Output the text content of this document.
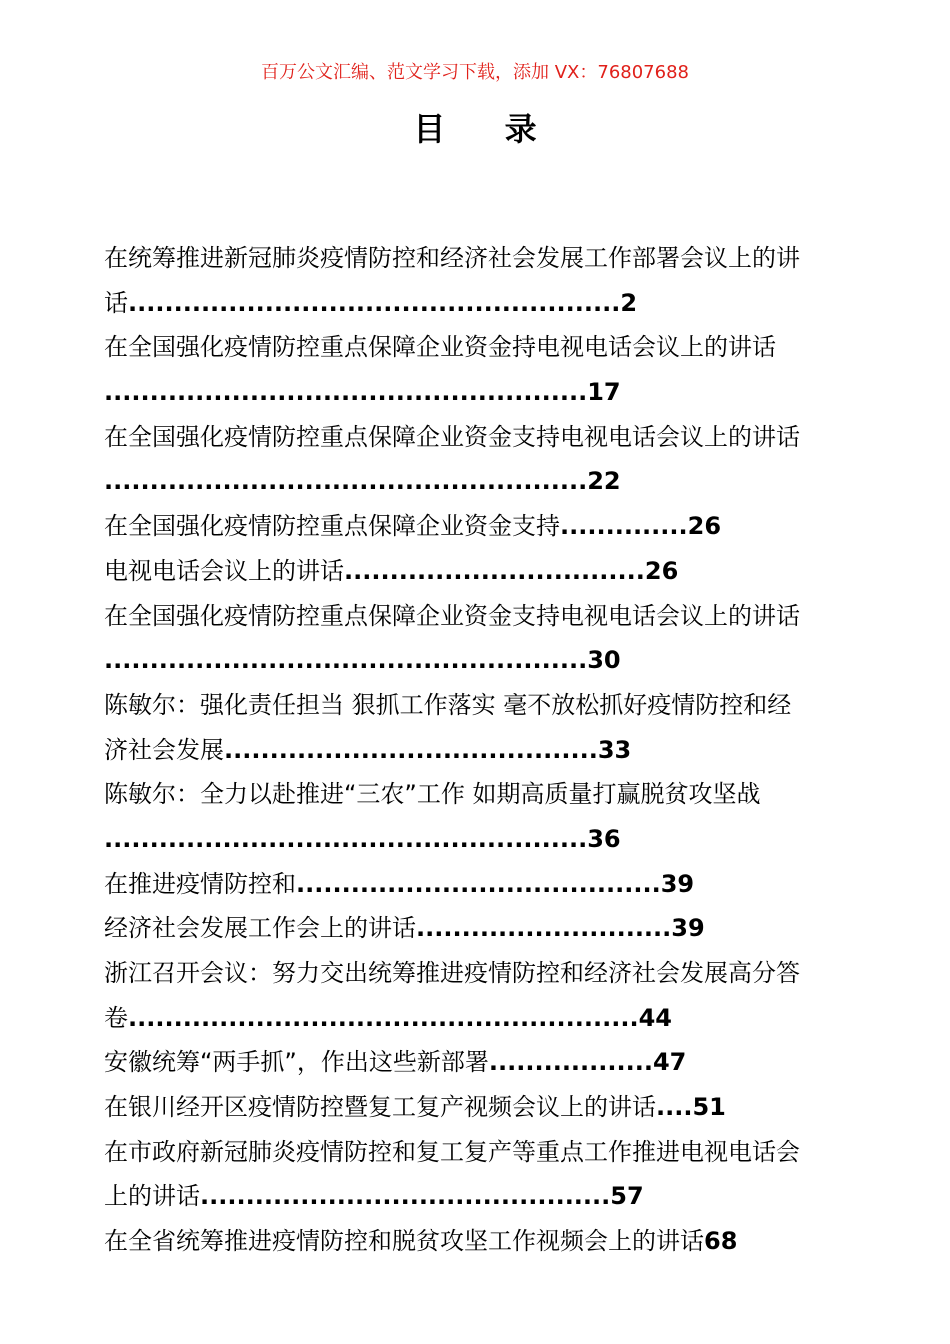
百万公文汇编、范文学习下载，添加 VX：76807688
目 录
在统筹推进新冠肺炎疫情防控和经济社会发展工作部署会议上的讲
话......................................................2
在全国强化疫情防控重点保障企业资金持电视电话会议上的讲话
.....................................................17
在全国强化疫情防控重点保障企业资金支持电视电话会议上的讲话
.....................................................22
在全国强化疫情防控重点保障企业资金支持..............26
电视电话会议上的讲话.................................26
在全国强化疫情防控重点保障企业资金支持电视电话会议上的讲话
.....................................................30
陈敏尔：强化责任担当 狠抓工作落实 毫不放松抓好疫情防控和经
济社会发展.........................................33
陈敏尔：全力以赴推进“三农”工作 如期高质量打赢脱贫攻坚战
.....................................................36
在推进疫情防控和........................................39
经济社会发展工作会上的讲话............................39
浙江召开会议：努力交出统筹推进疫情防控和经济社会发展高分答
卷........................................................44
安徽统筹“两手抓”，作出这些新部署..................47
在银川经开区疫情防控暨复工复产视频会议上的讲话....51
在市政府新冠肺炎疫情防控和复工复产等重点工作推进电视电话会
上的讲话.............................................57
在全省统筹推进疫情防控和脱贫攻坚工作视频会上的讲话68
